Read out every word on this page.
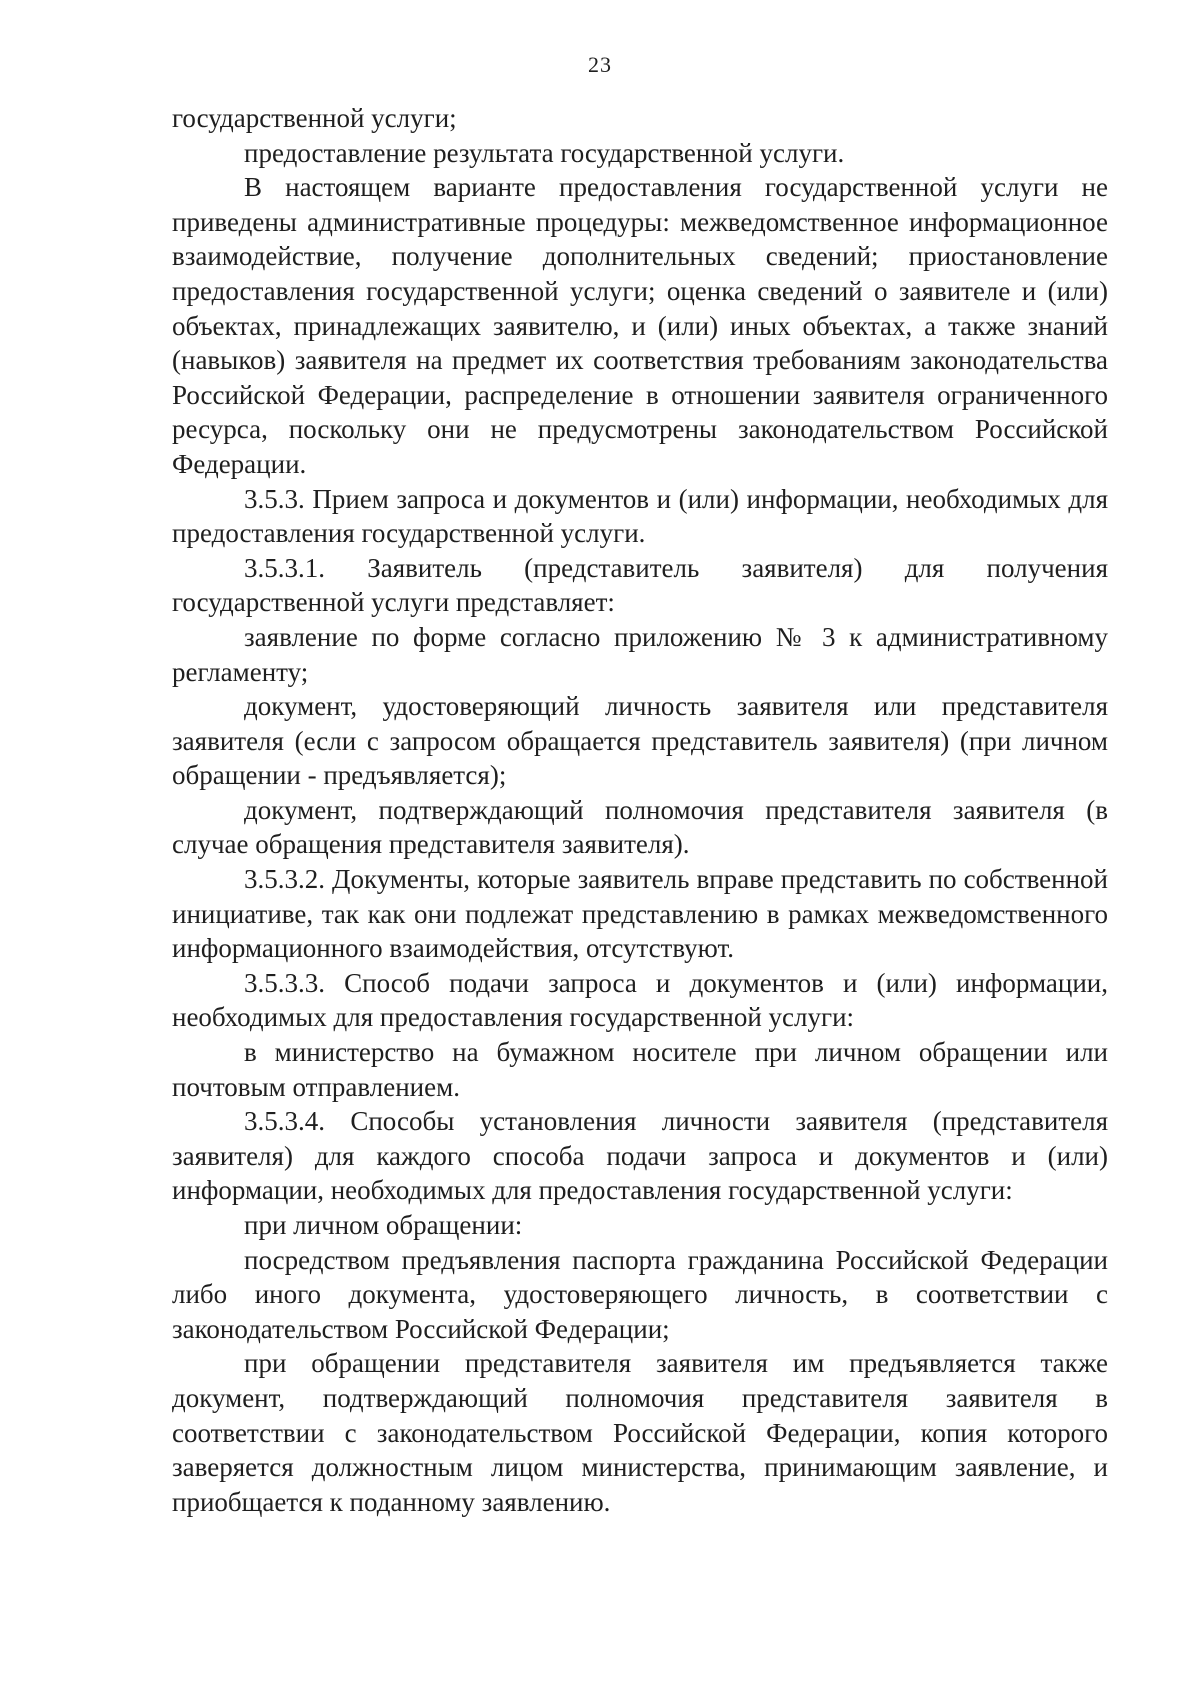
23

государственной услуги;

предоставление результата государственной услуги.

В настоящем варианте предоставления государственной услуги не приведены административные процедуры: межведомственное информационное взаимодействие, получение дополнительных сведений; приостановление предоставления государственной услуги; оценка сведений о заявителе и (или) объектах, принадлежащих заявителю, и (или) иных объектах, а также знаний (навыков) заявителя на предмет их соответствия требованиям законодательства Российской Федерации, распределение в отношении заявителя ограниченного ресурса, поскольку они не предусмотрены законодательством Российской Федерации.

3.5.3. Прием запроса и документов и (или) информации, необходимых для предоставления государственной услуги.

3.5.3.1. Заявитель (представитель заявителя) для получения государственной услуги представляет:

заявление по форме согласно приложению № 3 к административному регламенту;

документ, удостоверяющий личность заявителя или представителя заявителя (если с запросом обращается представитель заявителя) (при личном обращении - предъявляется);

документ, подтверждающий полномочия представителя заявителя (в случае обращения представителя заявителя).

3.5.3.2. Документы, которые заявитель вправе представить по собственной инициативе, так как они подлежат представлению в рамках межведомственного информационного взаимодействия, отсутствуют.

3.5.3.3. Способ подачи запроса и документов и (или) информации, необходимых для предоставления государственной услуги:

в министерство на бумажном носителе при личном обращении или почтовым отправлением.

3.5.3.4. Способы установления личности заявителя (представителя заявителя) для каждого способа подачи запроса и документов и (или) информации, необходимых для предоставления государственной услуги:

при личном обращении:

посредством предъявления паспорта гражданина Российской Федерации либо иного документа, удостоверяющего личность, в соответствии с законодательством Российской Федерации;

при обращении представителя заявителя им предъявляется также документ, подтверждающий полномочия представителя заявителя в соответствии с законодательством Российской Федерации, копия которого заверяется должностным лицом министерства, принимающим заявление, и приобщается к поданному заявлению.
